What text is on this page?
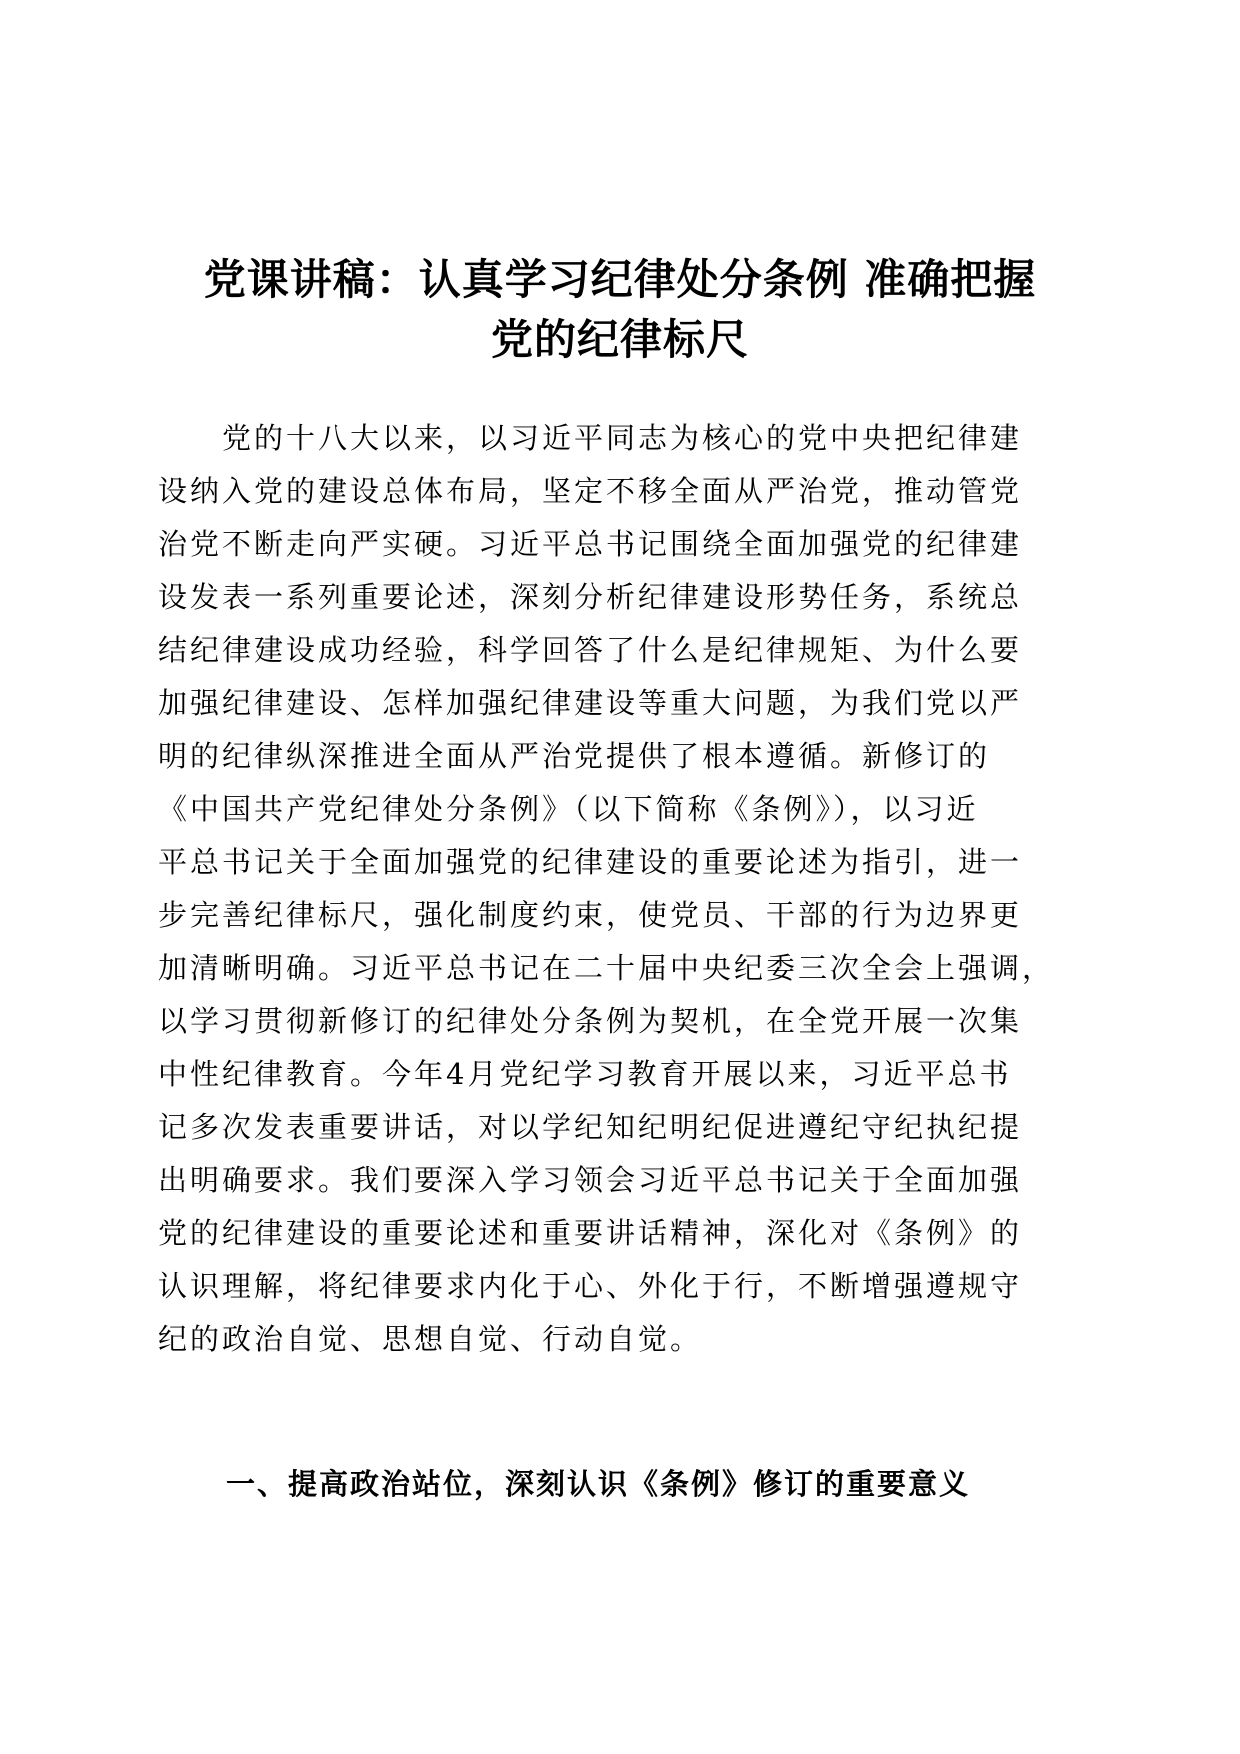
党课讲稿：认真学习纪律处分条例 准确把握
党的纪律标尺
党的十八大以来，以习近平同志为核心的党中央把纪律建
设纳入党的建设总体布局，坚定不移全面从严治党，推动管党
治党不断走向严实硬。习近平总书记围绕全面加强党的纪律建
设发表一系列重要论述，深刻分析纪律建设形势任务，系统总
结纪律建设成功经验，科学回答了什么是纪律规矩、为什么要
加强纪律建设、怎样加强纪律建设等重大问题，为我们党以严
明的纪律纵深推进全面从严治党提供了根本遵循。新修订的
《中国共产党纪律处分条例》（以下简称《条例》），以习近
平总书记关于全面加强党的纪律建设的重要论述为指引，进一
步完善纪律标尺，强化制度约束，使党员、干部的行为边界更
加清晰明确。习近平总书记在二十届中央纪委三次全会上强调，
以学习贯彻新修订的纪律处分条例为契机，在全党开展一次集
中性纪律教育。今年4月党纪学习教育开展以来，习近平总书
记多次发表重要讲话，对以学纪知纪明纪促进遵纪守纪执纪提
出明确要求。我们要深入学习领会习近平总书记关于全面加强
党的纪律建设的重要论述和重要讲话精神，深化对《条例》的
认识理解，将纪律要求内化于心、外化于行，不断增强遵规守
纪的政治自觉、思想自觉、行动自觉。
一、提高政治站位，深刻认识《条例》修订的重要意义
